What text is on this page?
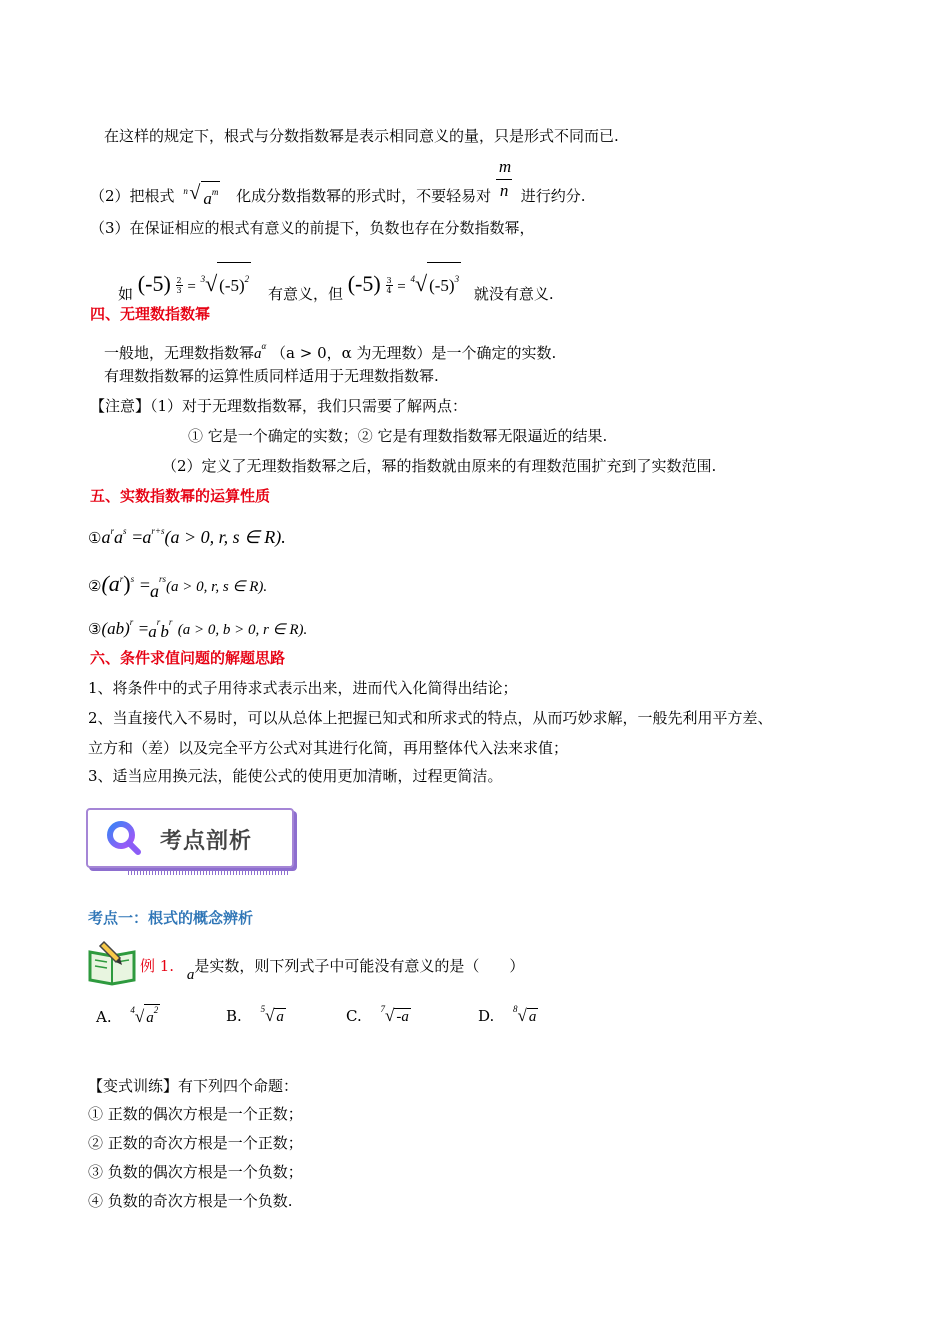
在这样的规定下，根式与分数指数幂是表示相同意义的量，只是形式不同而已.
（2）把根式 n √ $a^m$ 化成分数指数幂的形式时，不要轻易对 $\frac{m}{n}$ 进行约分.
（3）在保证相应的根式有意义的前提下，负数也存在分数指数幂，
如 $(-5) \frac{2}{3} = ^3√$ $(-5)^2$ 有意义，但 $(-5) \frac{3}{4} = ^4√$ $(-5)^3$ 就没有意义.
四、无理数指数幂
一般地，无理数指数幂$a^\alpha$ （a > 0，α 为无理数）是一个确定的实数.
有理数指数幂的运算性质同样适用于无理数指数幂.
【注意】（1）对于无理数指数幂，我们只需要了解两点：
① 它是一个确定的实数；② 它是有理数指数幂无限逼近的结果.
（2）定义了无理数指数幂之后，幂的指数就由原来的有理数范围扩充到了实数范围.
五、实数指数幂的运算性质
$①a^ra^s =a^{r+s}(a > 0$, r, s ∈ R).
$②(a^r)^s =a^{rs}(a > 0$, r, s ∈ R).
③(ab)$^r$ $=a^rb^r$ (a > 0, b > 0, r ∈ R).
六、条件求值问题的解题思路
1、将条件中的式子用待求式表示出来，进而代入化简得出结论；
2、当直接代入不易时，可以从总体上把握已知式和所求式的特点，从而巧妙求解，一般先利用平方差、
立方和（差）以及完全平方公式对其进行化简，再用整体代入法来求值；
3、适当应用换元法，能使公式的使用更加清晰，过程更简洁。
考点剖析
考点一：根式的概念辨析
例 1. a是实数，则下列式子中可能没有意义的是（　　）
A. $^4$√ $a^2$	B. $^5$√ a	C. $^7$√ -a	D. $^8$√ a
【变式训练】有下列四个命题：
① 正数的偶次方根是一个正数；
② 正数的奇次方根是一个正数；
③ 负数的偶次方根是一个负数；
④ 负数的奇次方根是一个负数.
